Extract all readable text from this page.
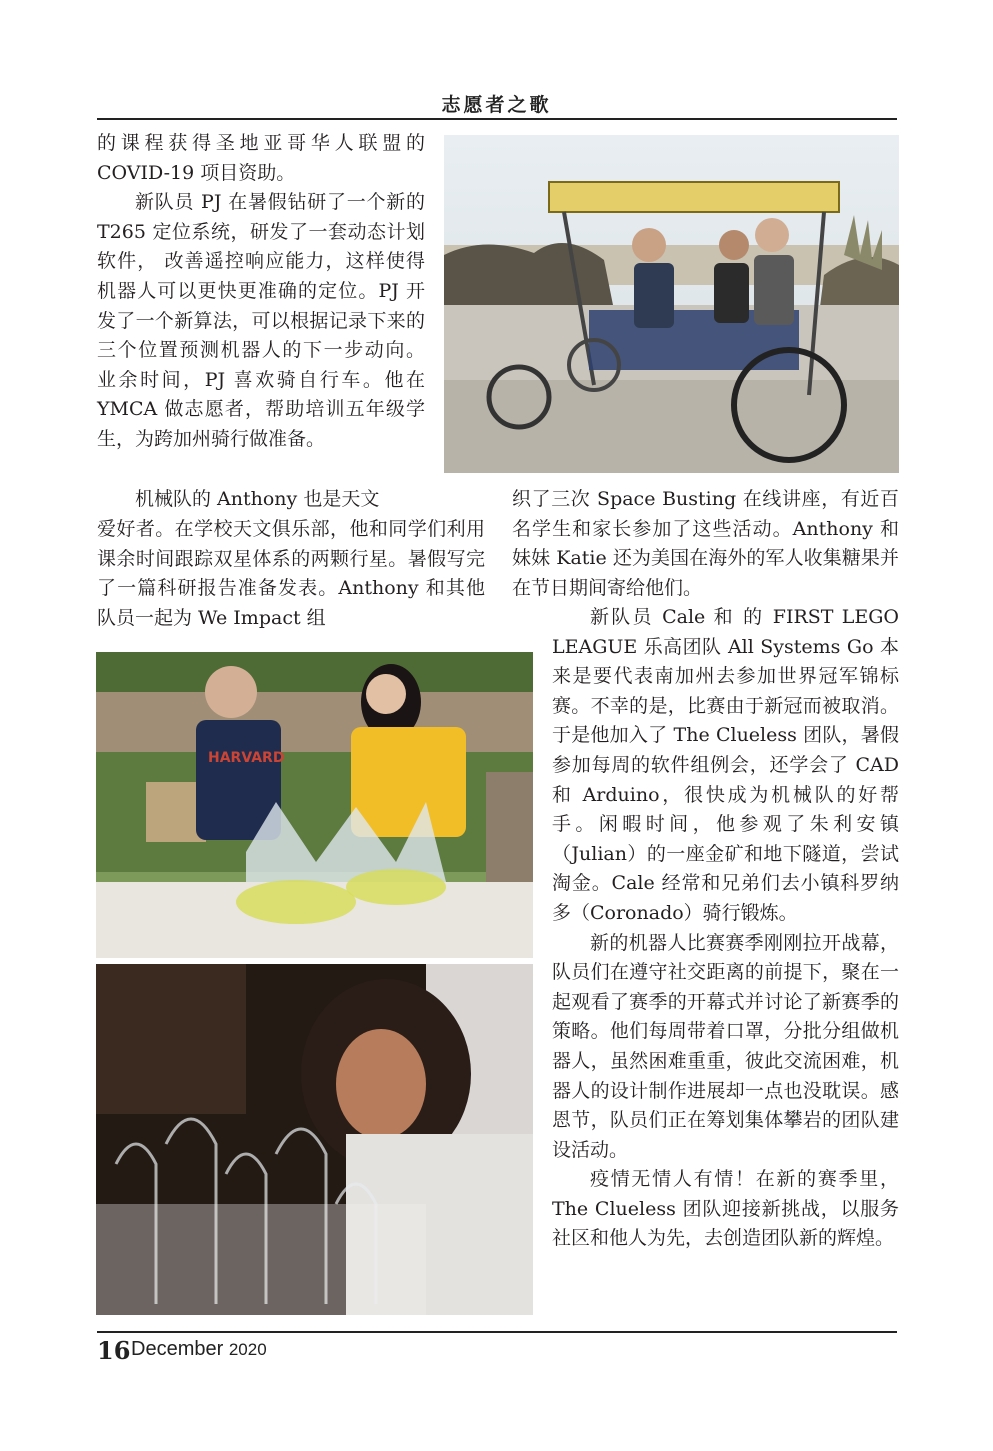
志愿者之歌

的课程获得圣地亚哥华人联盟的COVID-19 项目资助。

新队员 PJ 在暑假钻研了一个新的 T265 定位系统，研发了一套动态计划软件， 改善遥控响应能力，这样使得机器人可以更快更准确的定位。PJ 开发了一个新算法，可以根据记录下来的三个位置预测机器人的下一步动向。 业余时间，PJ 喜欢骑自行车。他在 YMCA 做志愿者，帮助培训五年级学生，为跨加州骑行做准备。

机械队的 Anthony 也是天文
爱好者。在学校天文俱乐部，他和同学们利用课余时间跟踪双星体系的两颗行星。暑假写完了一篇科研报告准备发表。Anthony 和其他队员一起为 We Impact 组
织了三次 Space Busting 在线讲座，有近百名学生和家长参加了这些活动。Anthony 和妹妹 Katie 还为美国在海外的军人收集糖果并在节日期间寄给他们。
HARVARD

新队员 Cale 和 的 FIRST LEGO LEAGUE 乐高团队 All Systems Go 本来是要代表南加州去参加世界冠军锦标赛。不幸的是，比赛由于新冠而被取消。于是他加入了 The Clueless 团队，暑假参加每周的软件组例会，还学会了 CAD 和 Arduino，很快成为机械队的好帮手。闲暇时间，他参观了朱利安镇（Julian）的一座金矿和地下隧道，尝试淘金。Cale 经常和兄弟们去小镇科罗纳多（Coronado）骑行锻炼。

新的机器人比赛赛季刚刚拉开战幕，队员们在遵守社交距离的前提下，聚在一起观看了赛季的开幕式并讨论了新赛季的策略。他们每周带着口罩，分批分组做机器人，虽然困难重重，彼此交流困难，机器人的设计制作进展却一点也没耽误。感恩节，队员们正在筹划集体攀岩的团队建设活动。

疫情无情人有情！在新的赛季里，The Clueless 团队迎接新挑战，以服务社区和他人为先，去创造团队新的辉煌。

16 December 2020
